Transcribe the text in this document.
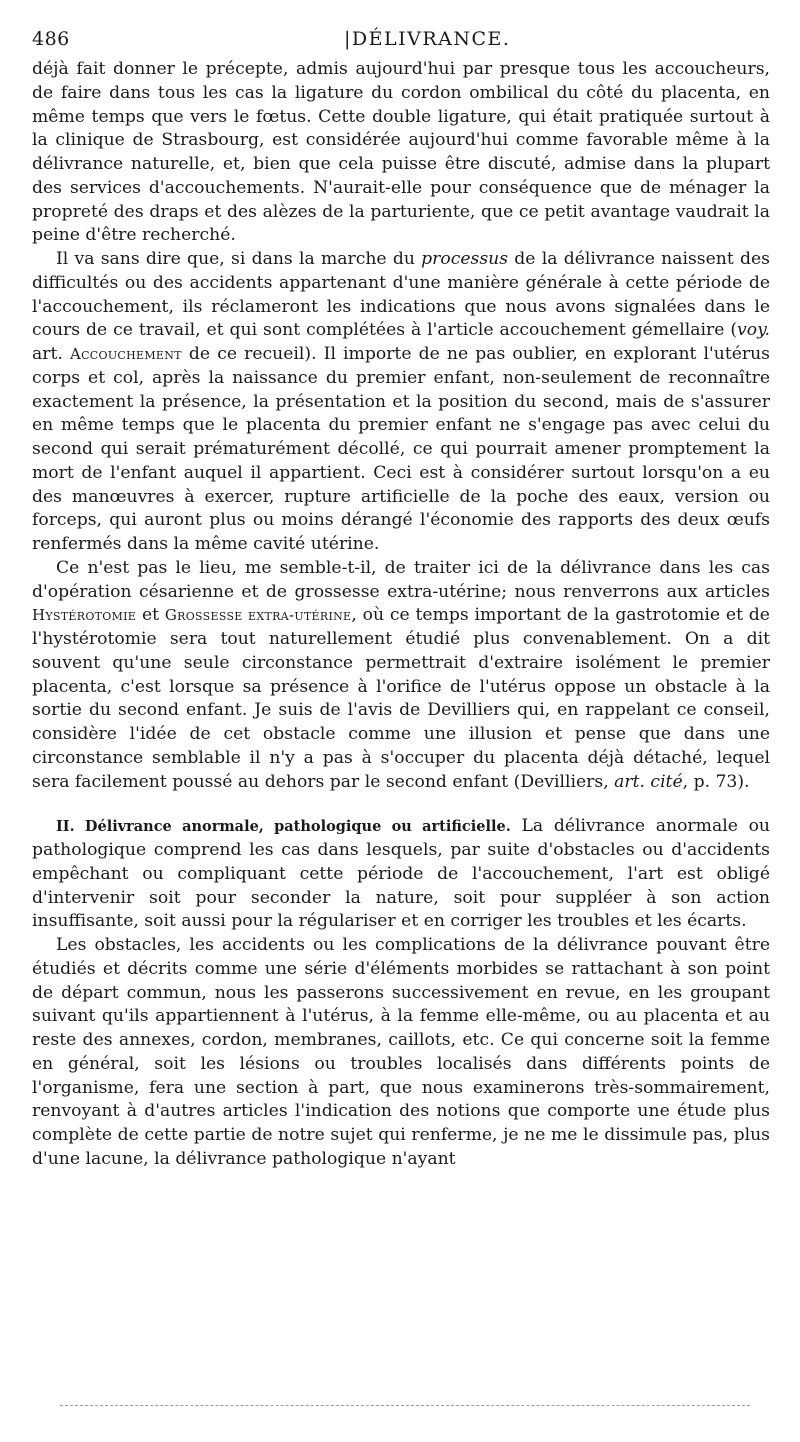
486	|DÉLIVRANCE.

déjà fait donner le précepte, admis aujourd'hui par presque tous les accoucheurs, de faire dans tous les cas la ligature du cordon ombilical du côté du placenta, en même temps que vers le fœtus. Cette double ligature, qui était pratiquée surtout à la clinique de Strasbourg, est considérée aujourd'hui comme favorable même à la délivrance naturelle, et, bien que cela puisse être discuté, admise dans la plupart des services d'accouchements. N'aurait-elle pour conséquence que de ménager la propreté des draps et des alèzes de la parturiente, que ce petit avantage vaudrait la peine d'être recherché.

Il va sans dire que, si dans la marche du processus de la délivrance naissent des difficultés ou des accidents appartenant d'une manière générale à cette période de l'accouchement, ils réclameront les indications que nous avons signalées dans le cours de ce travail, et qui sont complétées à l'article accouchement gémellaire (voy. art. Accouchement de ce recueil). Il importe de ne pas oublier, en explorant l'utérus corps et col, après la naissance du premier enfant, non-seulement de reconnaître exactement la présence, la présentation et la position du second, mais de s'assurer en même temps que le placenta du premier enfant ne s'engage pas avec celui du second qui serait prématurément décollé, ce qui pourrait amener promptement la mort de l'enfant auquel il appartient. Ceci est à considérer surtout lorsqu'on a eu des manœuvres à exercer, rupture artificielle de la poche des eaux, version ou forceps, qui auront plus ou moins dérangé l'économie des rapports des deux œufs renfermés dans la même cavité utérine.

Ce n'est pas le lieu, me semble-t-il, de traiter ici de la délivrance dans les cas d'opération césarienne et de grossesse extra-utérine; nous renverrons aux articles Hystérotomie et Grossesse extra-utérine, où ce temps important de la gastrotomie et de l'hystérotomie sera tout naturellement étudié plus convenablement. On a dit souvent qu'une seule circonstance permettrait d'extraire isolément le premier placenta, c'est lorsque sa présence à l'orifice de l'utérus oppose un obstacle à la sortie du second enfant. Je suis de l'avis de Devilliers qui, en rappelant ce conseil, considère l'idée de cet obstacle comme une illusion et pense que dans une circonstance semblable il n'y a pas à s'occuper du placenta déjà détaché, lequel sera facilement poussé au dehors par le second enfant (Devilliers, art. cité, p. 73).

II. Délivrance anormale, pathologique ou artificielle. La délivrance anormale ou pathologique comprend les cas dans lesquels, par suite d'obstacles ou d'accidents empêchant ou compliquant cette période de l'accouchement, l'art est obligé d'intervenir soit pour seconder la nature, soit pour suppléer à son action insuffisante, soit aussi pour la régulariser et en corriger les troubles et les écarts.

Les obstacles, les accidents ou les complications de la délivrance pouvant être étudiés et décrits comme une série d'éléments morbides se rattachant à son point de départ commun, nous les passerons successivement en revue, en les groupant suivant qu'ils appartiennent à l'utérus, à la femme elle-même, ou au placenta et au reste des annexes, cordon, membranes, caillots, etc. Ce qui concerne soit la femme en général, soit les lésions ou troubles localisés dans différents points de l'organisme, fera une section à part, que nous examinerons très-sommairement, renvoyant à d'autres articles l'indication des notions que comporte une étude plus complète de cette partie de notre sujet qui renferme, je ne me le dissimule pas, plus d'une lacune, la délivrance pathologique n'ayant
